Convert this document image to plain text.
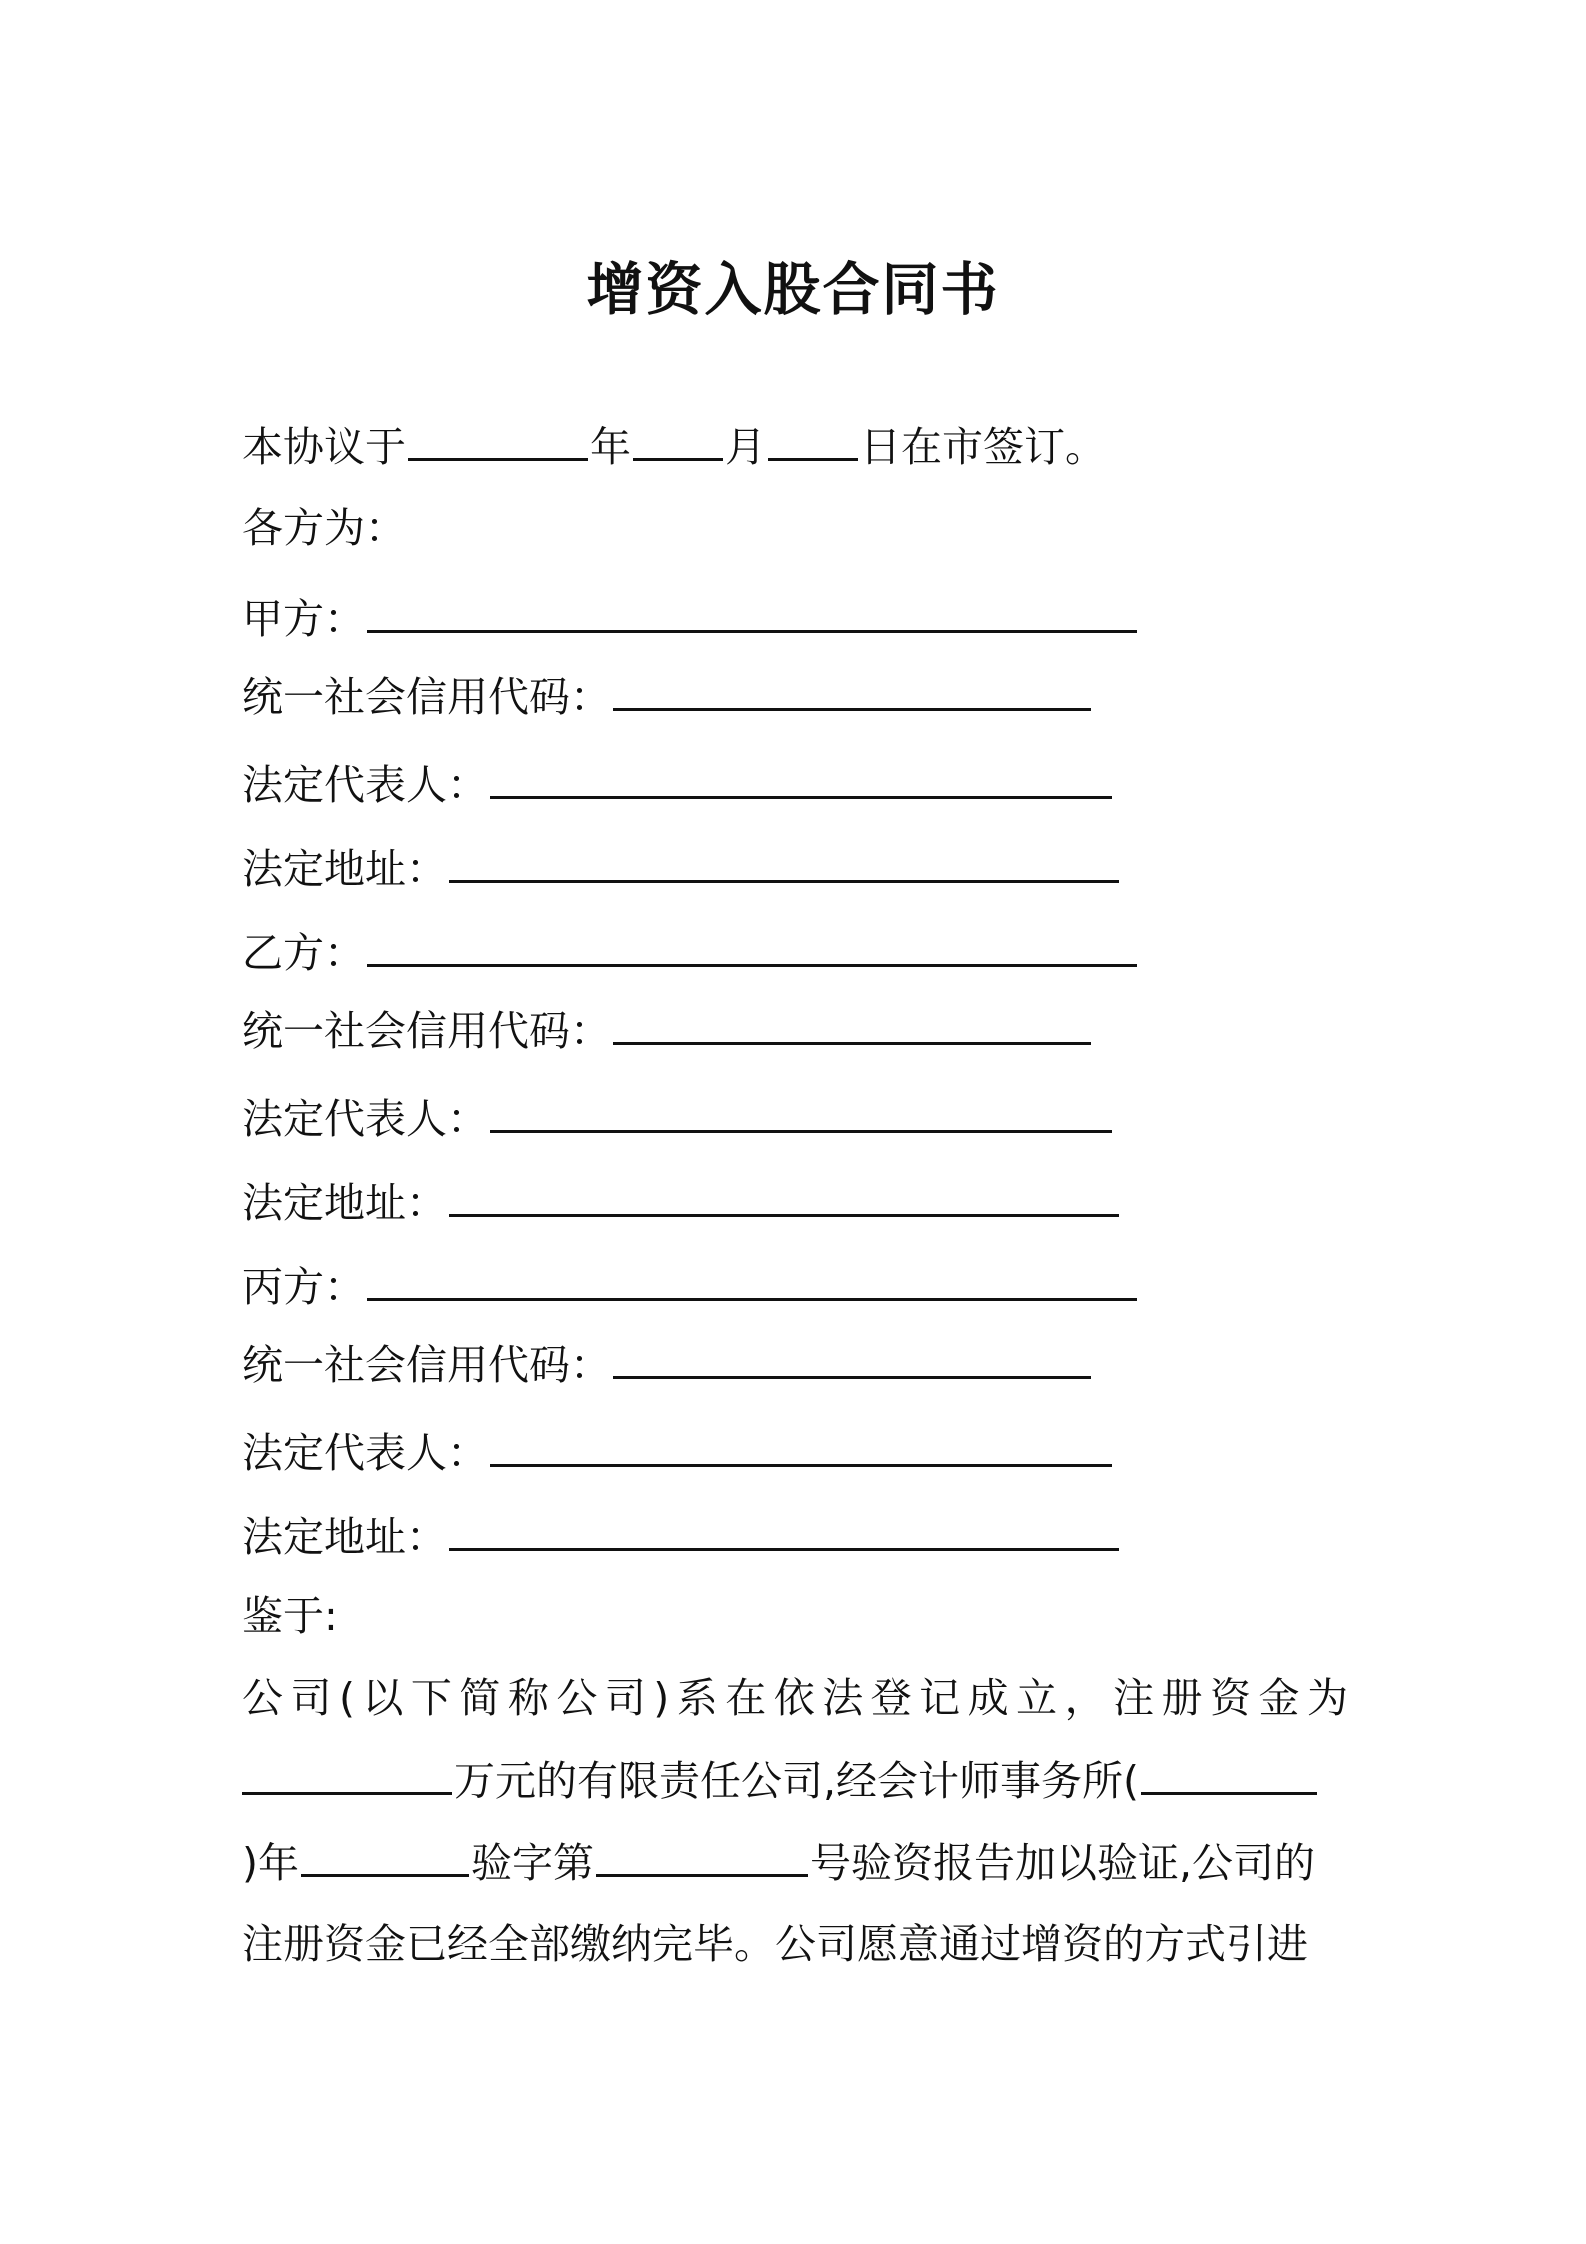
增资入股合同书
本协议于	年 月 日在市签订。
各方为：
甲方：
统一社会信用代码：
法定代表人：
法定地址：
乙方：
统一社会信用代码：
法定代表人：
法定地址：
丙方：
统一社会信用代码：
法定代表人：
法定地址：
鉴于:
公司(以下简称公司)系在依法登记成立，注册资金为
万元的有限责任公司,经会计师事务所(
)年	验字第	号验资报告加以验证,公司的
注册资金已经全部缴纳完毕。公司愿意通过增资的方式引进
